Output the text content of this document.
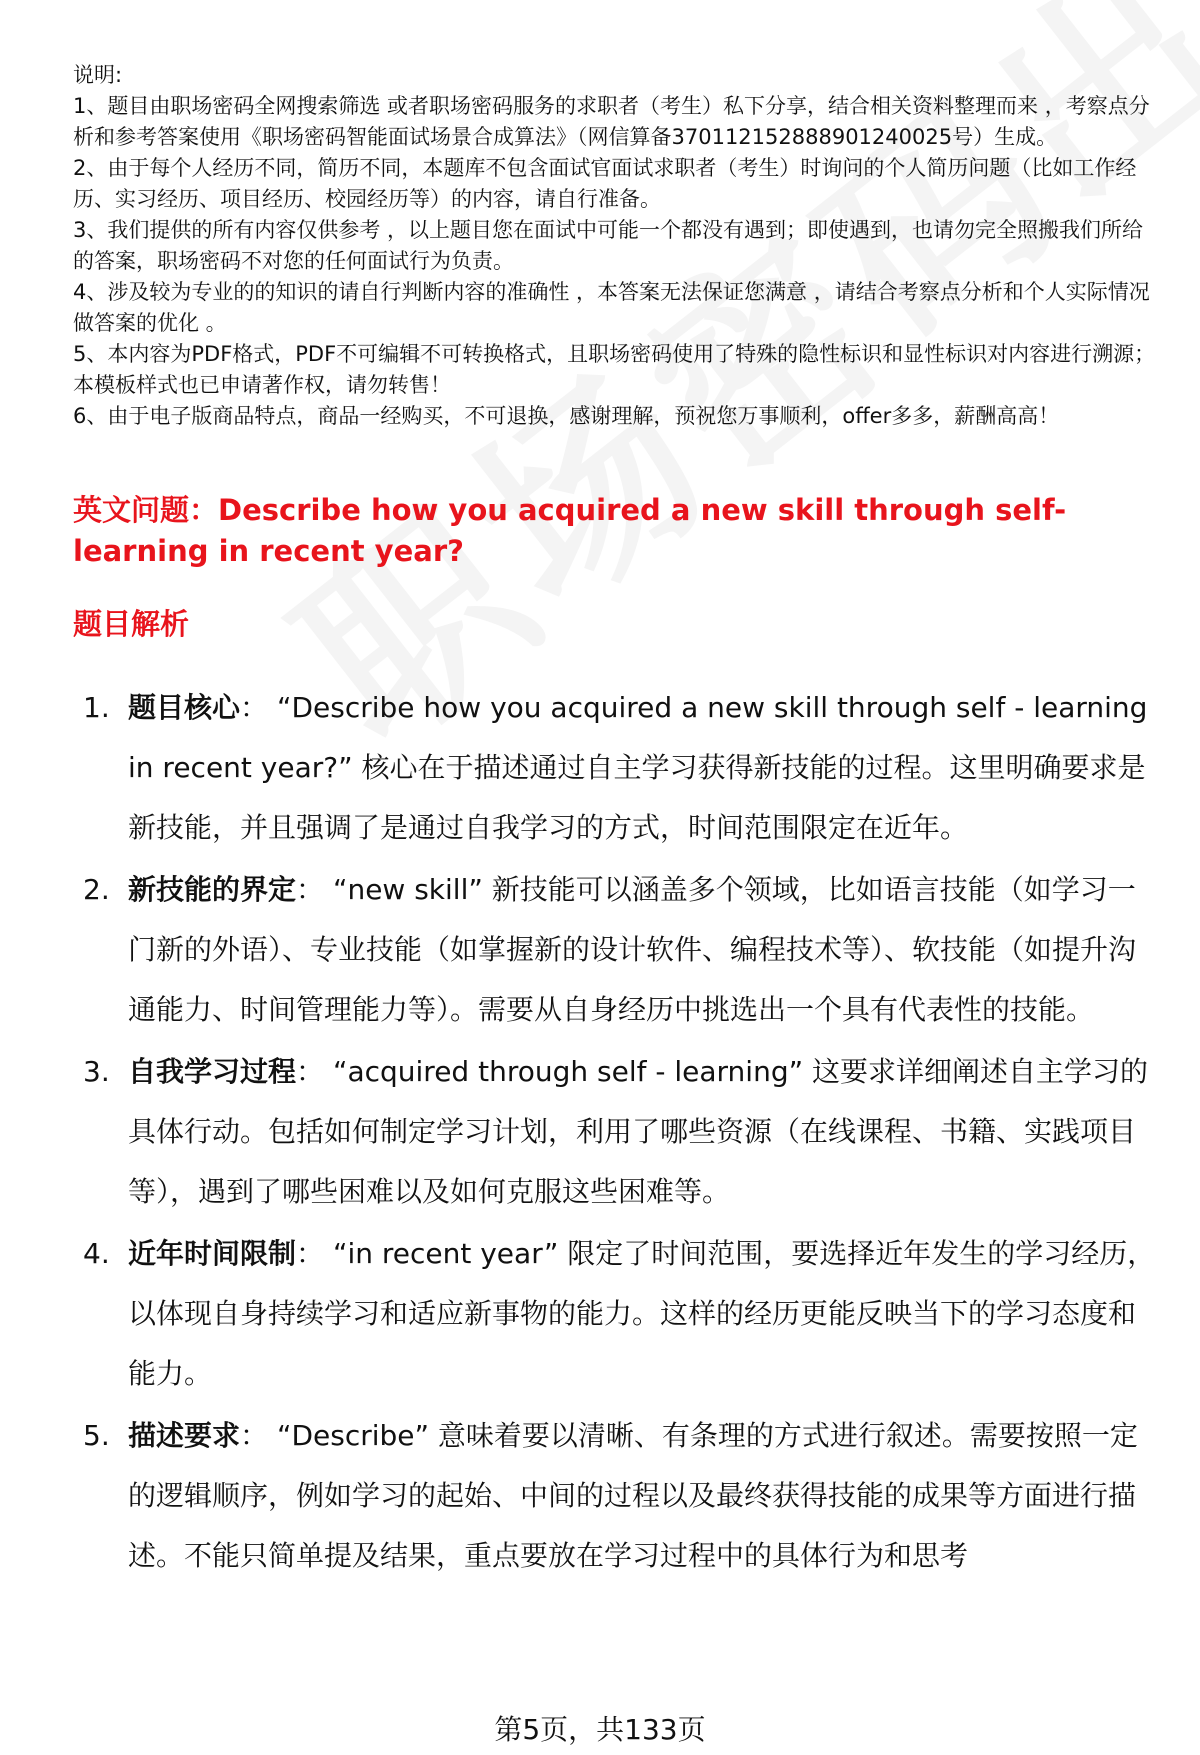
说明:

1、题目由职场密码全网搜索筛选 或者职场密码服务的求职者（考生）私下分享，结合相关资料整理而来 ，考察点分析和参考答案使用《职场密码智能面试场景合成算法》（网信算备370112152888901240025号）生成。

2、由于每个人经历不同，简历不同，本题库不包含面试官面试求职者（考生）时询问的个人简历问题（比如工作经历、实习经历、项目经历、校园经历等）的内容，请自行准备。

3、我们提供的所有内容仅供参考 ，以上题目您在面试中可能一个都没有遇到；即使遇到，也请勿完全照搬我们所给的答案，职场密码不对您的任何面试行为负责。

4、涉及较为专业的的知识的请自行判断内容的准确性 ，本答案无法保证您满意 ，请结合考察点分析和个人实际情况做答案的优化 。

5、本内容为PDF格式，PDF不可编辑不可转换格式，且职场密码使用了特殊的隐性标识和显性标识对内容进行溯源；本模板样式也已申请著作权，请勿转售！

6、由于电子版商品特点，商品一经购买，不可退换，感谢理解，预祝您万事顺利，offer多多，薪酬高高！

英文问题：Describe how you acquired a new skill through self- learning in recent year?
题目解析
1. 题目核心： “Describe how you acquired a new skill through self - learning in recent year?” 核心在于描述通过自主学习获得新技能的过程。这里明确要求是新技能，并且强调了是通过自我学习的方式，时间范围限定在近年。
2. 新技能的界定： “new skill” 新技能可以涵盖多个领域，比如语言技能（如学习一门新的外语）、专业技能（如掌握新的设计软件、编程技术等）、软技能（如提升沟通能力、时间管理能力等）。需要从自身经历中挑选出一个具有代表性的技能。
3. 自我学习过程： “acquired through self - learning” 这要求详细阐述自主学习的具体行动。包括如何制定学习计划，利用了哪些资源（在线课程、书籍、实践项目等），遇到了哪些困难以及如何克服这些困难等。
4. 近年时间限制： “in recent year” 限定了时间范围，要选择近年发生的学习经历，以体现自身持续学习和适应新事物的能力。这样的经历更能反映当下的学习态度和能力。
5. 描述要求： “Describe” 意味着要以清晰、有条理的方式进行叙述。需要按照一定的逻辑顺序，例如学习的起始、中间的过程以及最终获得技能的成果等方面进行描述。不能只简单提及结果，重点要放在学习过程中的具体行为和思考
第5页，共133页
